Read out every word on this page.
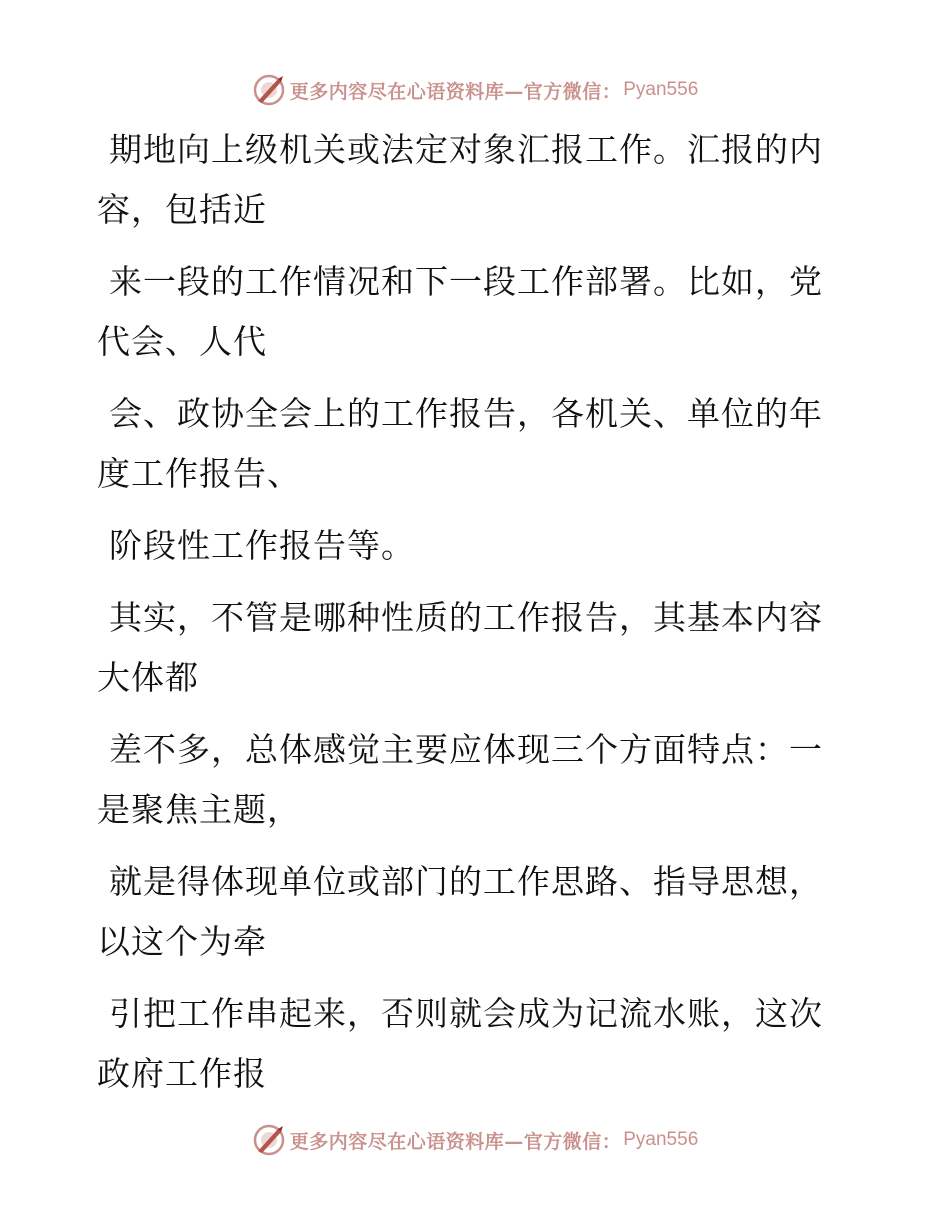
更多内容尽在心语资料库—官方微信： Pyan556

期地向上级机关或法定对象汇报工作。汇报的内
容，包括近

来一段的工作情况和下一段工作部署。比如，党
代会、人代

会、政协全会上的工作报告，各机关、单位的年
度工作报告、

阶段性工作报告等。

其实，不管是哪种性质的工作报告，其基本内容
大体都

差不多，总体感觉主要应体现三个方面特点：一
是聚焦主题，

就是得体现单位或部门的工作思路、指导思想，
以这个为牵

引把工作串起来，否则就会成为记流水账，这次
政府工作报

更多内容尽在心语资料库—官方微信： Pyan556
